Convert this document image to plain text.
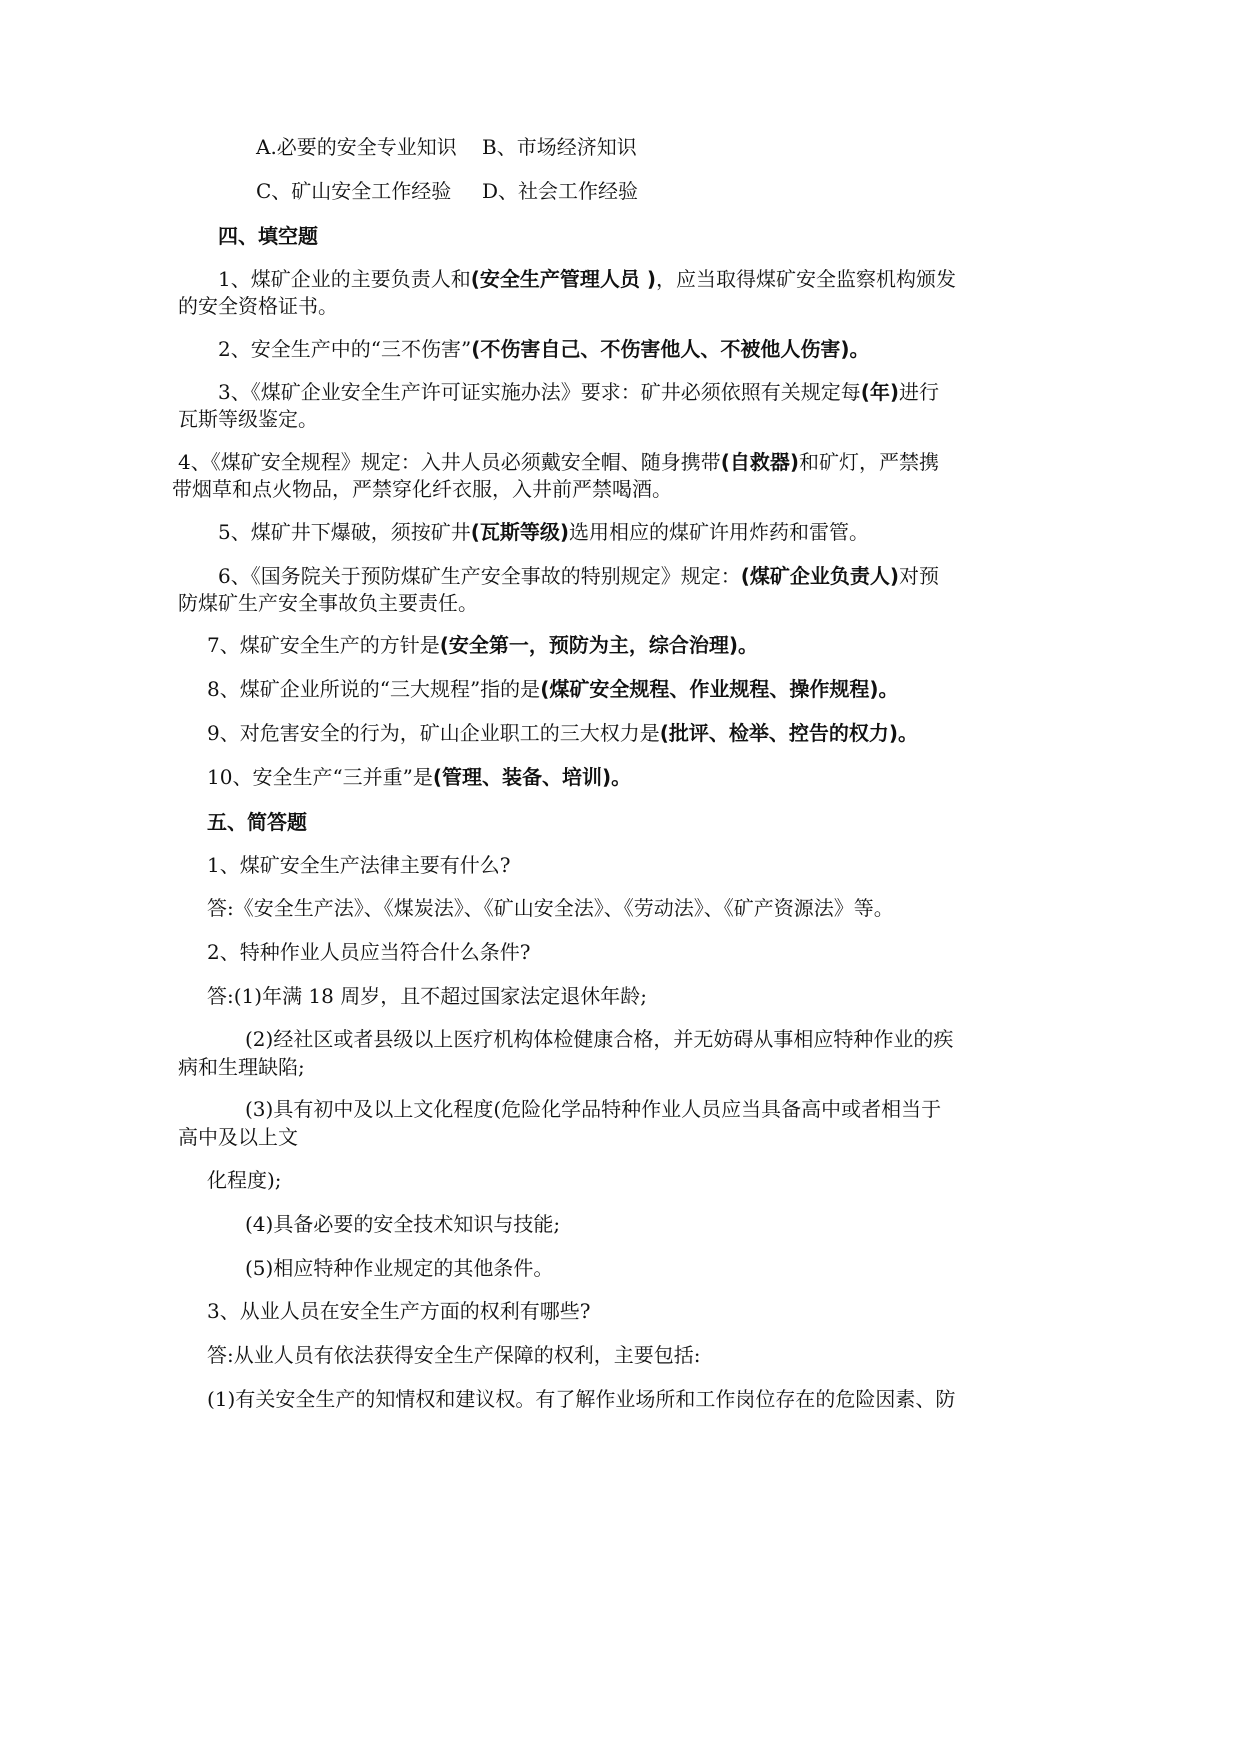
A.必要的安全专业知识 B、市场经济知识
C、矿山安全工作经验 D、社会工作经验
四、填空题
1、煤矿企业的主要负责人和(安全生产管理人员 )，应当取得煤矿安全监察机构颁发
的安全资格证书。
2、安全生产中的“三不伤害”(不伤害自己、不伤害他人、不被他人伤害)。
3、《煤矿企业安全生产许可证实施办法》要求：矿井必须依照有关规定每(年)进行
瓦斯等级鉴定。
4、《煤矿安全规程》规定：入井人员必须戴安全帽、随身携带(自救器)和矿灯，严禁携
带烟草和点火物品，严禁穿化纤衣服，入井前严禁喝酒。
5、煤矿井下爆破，须按矿井(瓦斯等级)选用相应的煤矿许用炸药和雷管。
6、《国务院关于预防煤矿生产安全事故的特别规定》规定：(煤矿企业负责人)对预
防煤矿生产安全事故负主要责任。
7、煤矿安全生产的方针是(安全第一，预防为主，综合治理)。
8、煤矿企业所说的“三大规程”指的是(煤矿安全规程、作业规程、操作规程)。
9、对危害安全的行为，矿山企业职工的三大权力是(批评、检举、控告的权力)。
10、安全生产“三并重”是(管理、装备、培训)。
五、简答题
1、煤矿安全生产法律主要有什么?
答:《安全生产法》、《煤炭法》、《矿山安全法》、《劳动法》、《矿产资源法》等。
2、特种作业人员应当符合什么条件?
答:(1)年满 18 周岁，且不超过国家法定退休年龄;
(2)经社区或者县级以上医疗机构体检健康合格，并无妨碍从事相应特种作业的疾
病和生理缺陷;
(3)具有初中及以上文化程度(危险化学品特种作业人员应当具备高中或者相当于
高中及以上文
化程度);
(4)具备必要的安全技术知识与技能;
(5)相应特种作业规定的其他条件。
3、从业人员在安全生产方面的权利有哪些?
答:从业人员有依法获得安全生产保障的权利，主要包括:
(1)有关安全生产的知情权和建议权。有了解作业场所和工作岗位存在的危险因素、防
